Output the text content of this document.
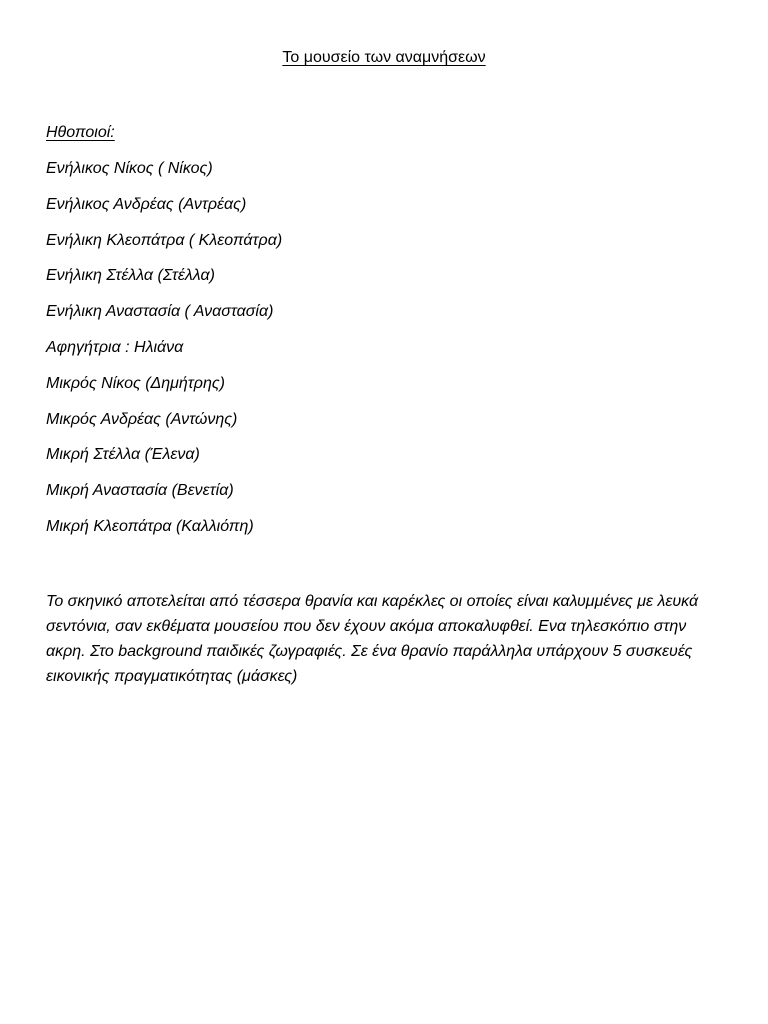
Το μουσείο των αναμνήσεων
Ηθοποιοί:
Ενήλικος Νίκος ( Νίκος)
Ενήλικος Ανδρέας (Αντρέας)
Ενήλικη Κλεοπάτρα ( Κλεοπάτρα)
Ενήλικη Στέλλα (Στέλλα)
Ενήλικη Αναστασία ( Αναστασία)
Αφηγήτρια : Ηλιάνα
Μικρός Νίκος (Δημήτρης)
Μικρός Ανδρέας (Αντώνης)
Μικρή Στέλλα (Έλενα)
Μικρή Αναστασία (Βενετία)
Μικρή Κλεοπάτρα (Καλλιόπη)

Το σκηνικό αποτελείται από τέσσερα θρανία και καρέκλες οι οποίες είναι καλυμμένες με λευκά σεντόνια, σαν εκθέματα μουσείου που δεν έχουν ακόμα αποκαλυφθεί. Ενα τηλεσκόπιο στην ακρη. Στο background παιδικές ζωγραφιές. Σε ένα θρανίο παράλληλα υπάρχουν 5 συσκευές εικονικής πραγματικότητας (μάσκες)
